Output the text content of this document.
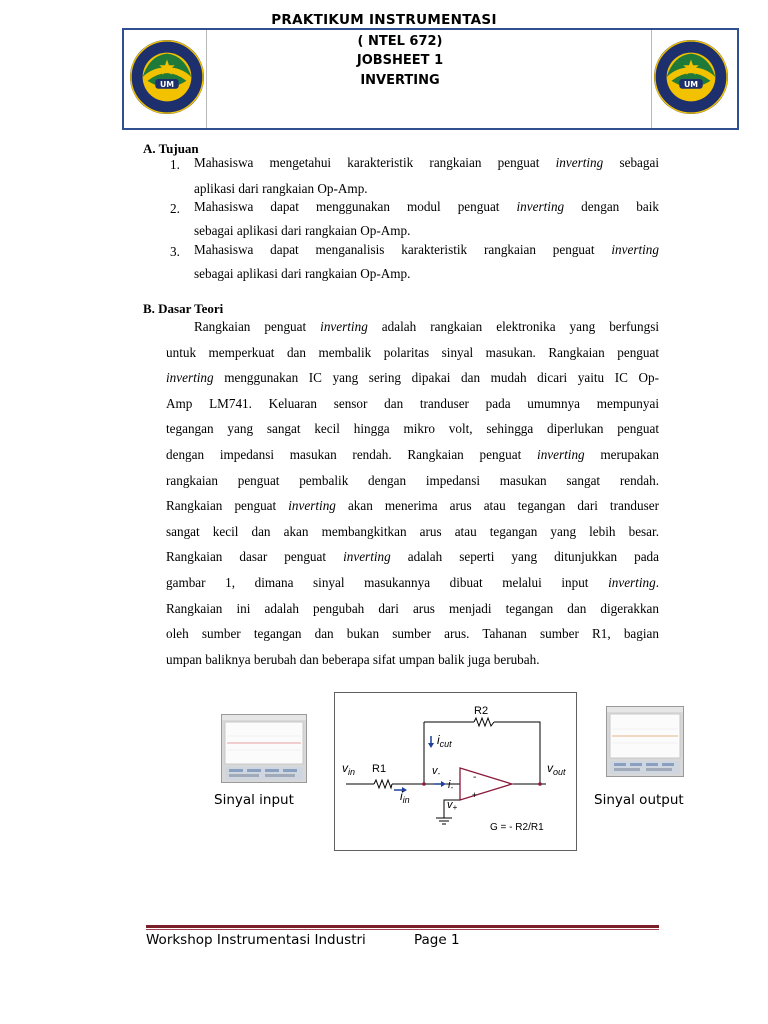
PRAKTIKUM INSTRUMENTASI
( NTEL 672)
JOBSHEET 1
INVERTING
UM	UM
A. Tujuan
1. Mahasiswa mengetahui karakteristik rangkaian penguat inverting sebagai
aplikasi dari rangkaian Op-Amp.
2. Mahasiswa dapat menggunakan modul penguat inverting dengan baik
sebagai aplikasi dari rangkaian Op-Amp.
3. Mahasiswa dapat menganalisis karakteristik rangkaian penguat inverting
sebagai aplikasi dari rangkaian Op-Amp.
B. Dasar Teori
Rangkaian penguat inverting adalah rangkaian elektronika yang berfungsi
untuk memperkuat dan membalik polaritas sinyal masukan. Rangkaian penguat
inverting menggunakan IC yang sering dipakai dan mudah dicari yaitu IC Op-
Amp LM741. Keluaran sensor dan tranduser pada umumnya mempunyai
tegangan yang sangat kecil hingga mikro volt, sehingga diperlukan penguat
dengan impedansi masukan rendah. Rangkaian penguat inverting merupakan
rangkaian penguat pembalik dengan impedansi masukan sangat rendah.
Rangkaian penguat inverting akan menerima arus atau tegangan dari tranduser
sangat kecil dan akan membangkitkan arus atau tegangan yang lebih besar.
Rangkaian dasar penguat inverting adalah seperti yang ditunjukkan pada
gambar 1, dimana sinyal masukannya dibuat melalui input inverting.
Rangkaian ini adalah pengubah dari arus menjadi tegangan dan digerakkan
oleh sumber tegangan dan bukan sumber arus. Tahanan sumber R1, bagian
umpan baliknya berubah dan beberapa sifat umpan balik juga berubah.
Sinyal input	Sinyal output
-
+
R2
R1
$v_{in}$	$v_{out}$
$i_{cut}$
v-
i-
$i_{in}$	v+
G = - R2/R1
Workshop Instrumentasi Industri	Page 1
